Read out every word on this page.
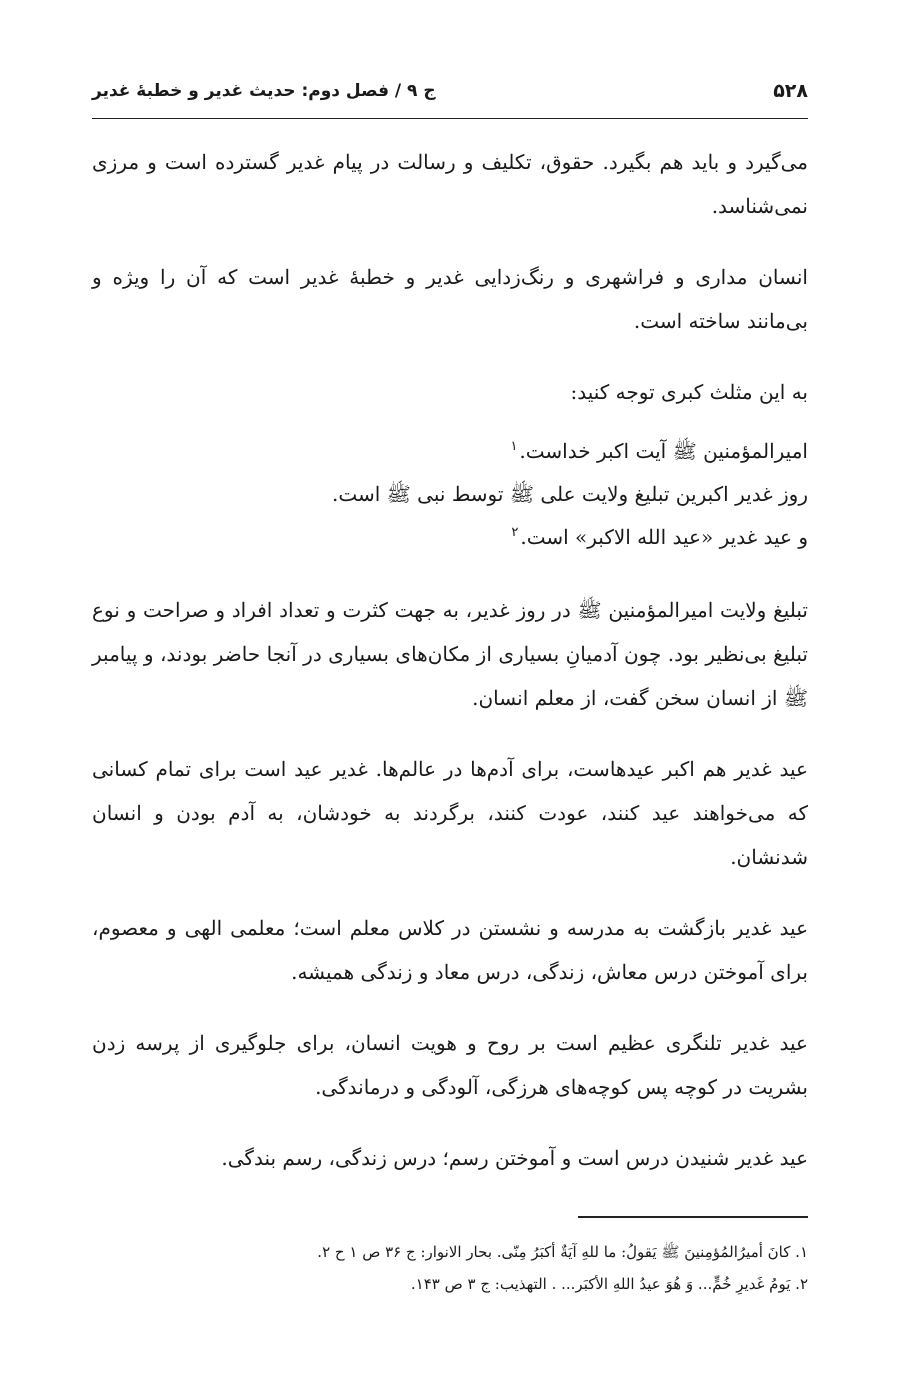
۵۲۸
ج ۹ / فصل دوم: حدیث غدیر و خطبهٔ غدیر

می‌گیرد و باید هم بگیرد. حقوق، تکلیف و رسالت در پیام غدیر گسترده است و مرزی نمی‌شناسد.

انسان مداری و فراشهری و رنگ‌زدایی غدیر و خطبهٔ غدیر است که آن را ویژه و بی‌مانند ساخته است.

به این مثلث کبری توجه کنید:

امیرالمؤمنین ﷺ آیت اکبر خداست.$^۱$
روز غدیر اکبرین تبلیغ ولایت علی ﷺ توسط نبی ﷺ است.
و عید غدیر «عید الله الاکبر» است.$^۲$

تبلیغ ولایت امیرالمؤمنین ﷺ در روز غدیر، به جهت کثرت و تعداد افراد و صراحت و نوع تبلیغ بی‌نظیر بود. چون آدمیانِ بسیاری از مکان‌های بسیاری در آنجا حاضر بودند، و پیامبر ﷺ از انسان سخن گفت، از معلم انسان.

عید غدیر هم اکبر عیدهاست، برای آدم‌ها در عالم‌ها. غدیر عید است برای تمام کسانی که می‌خواهند عید کنند، عودت کنند، برگردند به خودشان، به آدم بودن و انسان شدنشان.

عید غدیر بازگشت به مدرسه و نشستن در کلاس معلم است؛ معلمی الهی و معصوم، برای آموختن درس معاش، زندگی، درس معاد و زندگی همیشه.

عید غدیر تلنگری عظیم است بر روح و هویت انسان، برای جلوگیری از پرسه زدن بشریت در کوچه پس کوچه‌های هرزگی، آلودگی و درماندگی.

عید غدیر شنیدن درس است و آموختن رسم؛ درس زندگی، رسم بندگی.

۱. کانَ أمیرُالمُؤمِنینَ ﷺ یَقولُ: ما للهِ آیَةٌ أکبَرُ مِنّی. بحار الانوار: ج ۳۶ ص ۱ ح ۲.

۲. یَومُ غَدیرِ خُمٍّ... وَ هُوَ عیدُ اللهِ الأکبَر... . التهذیب: ج ۳ ص ۱۴۳.
